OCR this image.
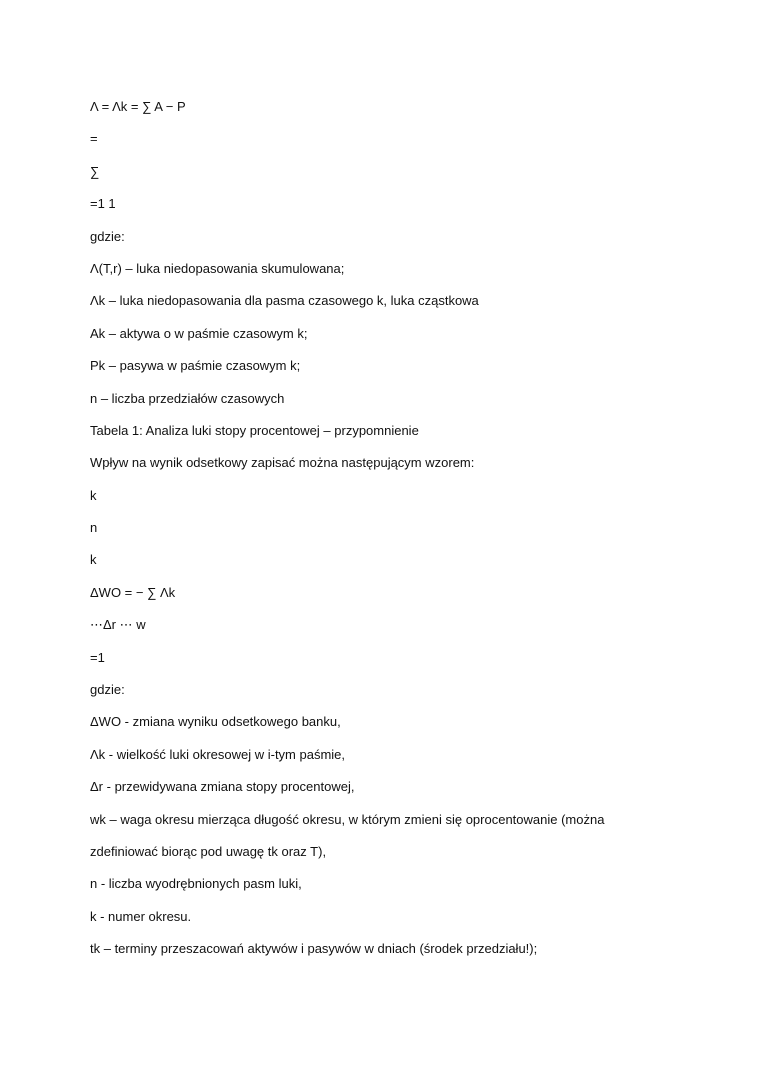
Λ = Λk = ∑ A − P
=
∑
=1 1
gdzie:
Λ(T,r) – luka niedopasowania skumulowana;
Λk – luka niedopasowania dla pasma czasowego k, luka cząstkowa
Ak – aktywa o w paśmie czasowym k;
Pk – pasywa w paśmie czasowym k;
n – liczba przedziałów czasowych
Tabela 1: Analiza luki stopy procentowej – przypomnienie
Wpływ na wynik odsetkowy zapisać można następującym wzorem:
k
n
k
ΔWO = − ∑ Λk
⋯Δr ⋯ w
=1
gdzie:
ΔWO - zmiana wyniku odsetkowego banku,
Λk - wielkość luki okresowej w i-tym paśmie,
Δr - przewidywana zmiana stopy procentowej,
wk – waga okresu mierząca długość okresu, w którym zmieni się oprocentowanie (można
zdefiniować biorąc pod uwagę tk oraz T),
n - liczba wyodrębnionych pasm luki,
k - numer okresu.
tk – terminy przeszacowań aktywów i pasywów w dniach (środek przedziału!);
